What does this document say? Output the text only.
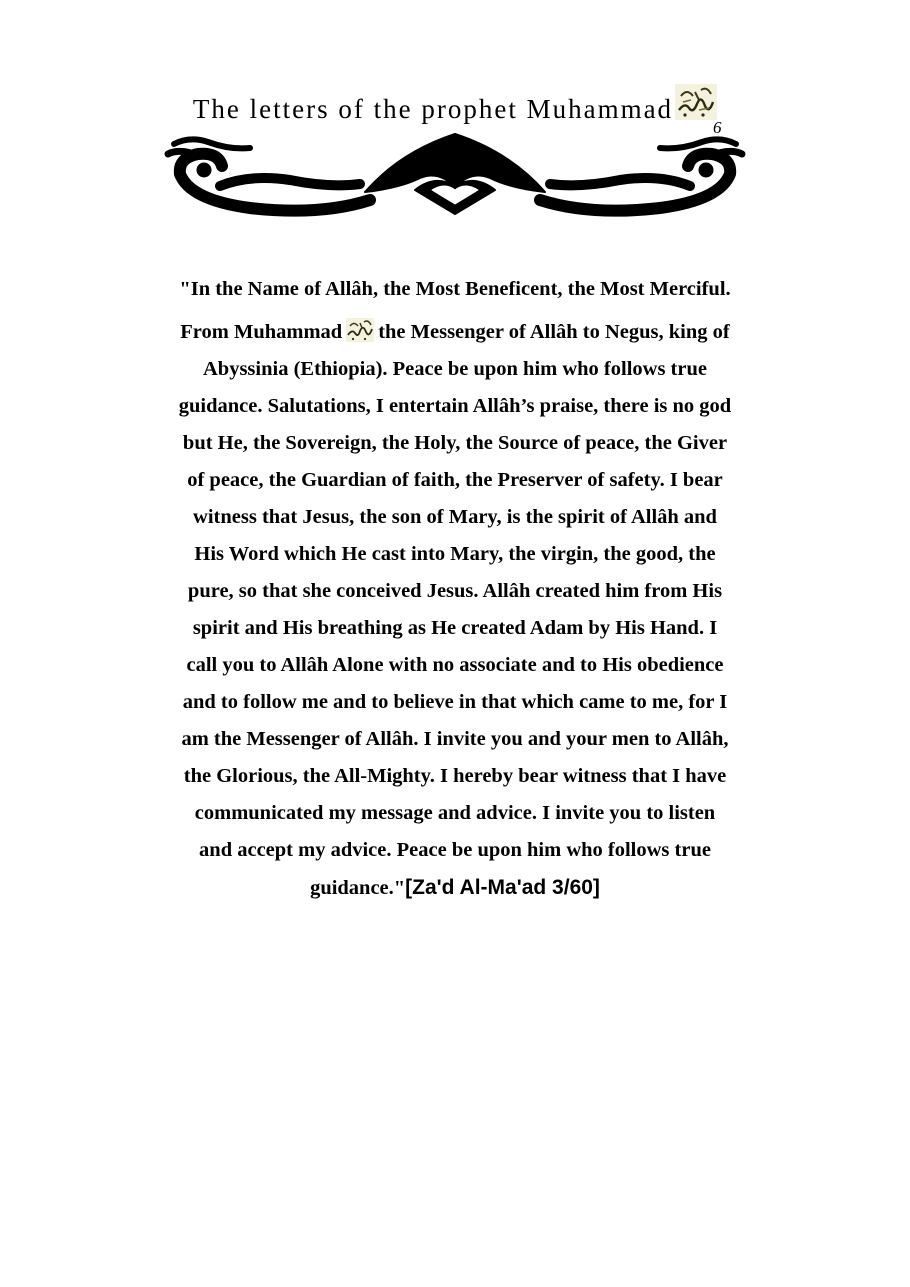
The letters of the prophet Muhammad
6
"In the Name of Allâh, the Most Beneficent, the Most Merciful.
From Muhammad the Messenger of Allâh to Negus, king of
Abyssinia (Ethiopia). Peace be upon him who follows true
guidance. Salutations, I entertain Allâh’s praise, there is no god
but He, the Sovereign, the Holy, the Source of peace, the Giver
of peace, the Guardian of faith, the Preserver of safety. I bear
witness that Jesus, the son of Mary, is the spirit of Allâh and
His Word which He cast into Mary, the virgin, the good, the
pure, so that she conceived Jesus. Allâh created him from His
spirit and His breathing as He created Adam by His Hand. I
call you to Allâh Alone with no associate and to His obedience
and to follow me and to believe in that which came to me, for I
am the Messenger of Allâh. I invite you and your men to Allâh,
the Glorious, the All-Mighty. I hereby bear witness that I have
communicated my message and advice. I invite you to listen
and accept my advice. Peace be upon him who follows true
guidance."[Za'd Al-Ma'ad 3/60]
